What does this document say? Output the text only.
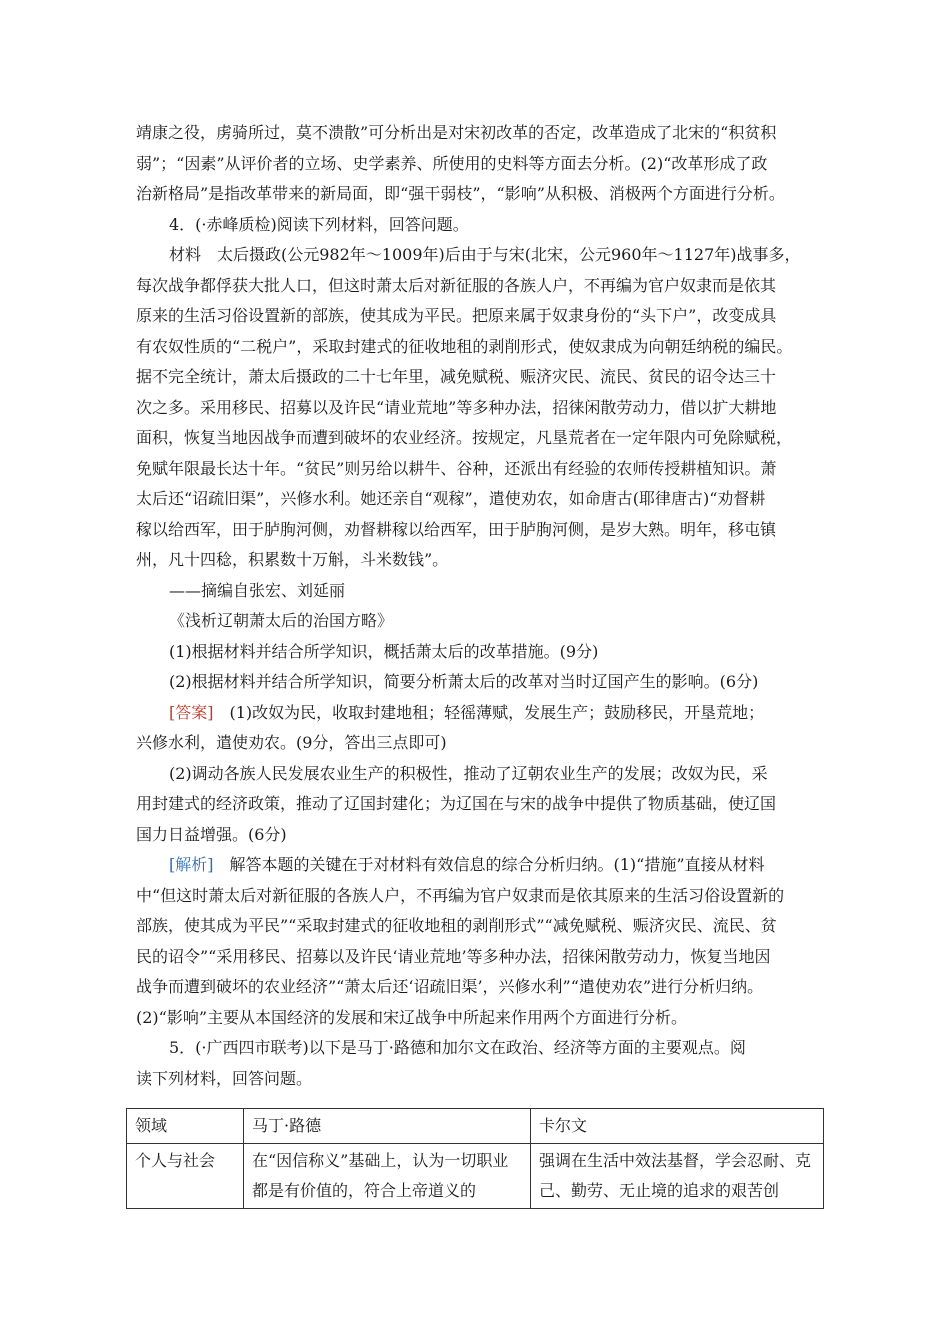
靖康之役，虏骑所过，莫不溃散”可分析出是对宋初改革的否定，改革造成了北宋的“积贫积
弱”；“因素”从评价者的立场、史学素养、所使用的史料等方面去分析。(2)“改革形成了政
治新格局”是指改革带来的新局面，即“强干弱枝”，“影响”从积极、消极两个方面进行分析。

4．(·赤峰质检)阅读下列材料，回答问题。

材料　太后摄政(公元982年～1009年)后由于与宋(北宋，公元960年～1127年)战事多，
每次战争都俘获大批人口，但这时萧太后对新征服的各族人户，不再编为官户奴隶而是依其
原来的生活习俗设置新的部族，使其成为平民。把原来属于奴隶身份的“头下户”，改变成具
有农奴性质的“二税户”，采取封建式的征收地租的剥削形式，使奴隶成为向朝廷纳税的编民。
据不完全统计，萧太后摄政的二十七年里，减免赋税、赈济灾民、流民、贫民的诏令达三十
次之多。采用移民、招募以及许民“请业荒地”等多种办法，招徕闲散劳动力，借以扩大耕地
面积，恢复当地因战争而遭到破坏的农业经济。按规定，凡垦荒者在一定年限内可免除赋税，
免赋年限最长达十年。“贫民”则另给以耕牛、谷种，还派出有经验的农师传授耕植知识。萧
太后还“诏疏旧渠”，兴修水利。她还亲自“观稼”，遣使劝农，如命唐古(耶律唐古)“劝督耕
稼以给西军，田于胪朐河侧，劝督耕稼以给西军，田于胪朐河侧，是岁大熟。明年，移屯镇
州，凡十四稔，积累数十万斛，斗米数钱”。

——摘编自张宏、刘延丽

《浅析辽朝萧太后的治国方略》

(1)根据材料并结合所学知识，概括萧太后的改革措施。(9分)

(2)根据材料并结合所学知识，简要分析萧太后的改革对当时辽国产生的影响。(6分)

[答案]　(1)改奴为民，收取封建地租；轻徭薄赋，发展生产；鼓励移民，开垦荒地；
兴修水利，遣使劝农。(9分，答出三点即可)

(2)调动各族人民发展农业生产的积极性，推动了辽朝农业生产的发展；改奴为民，采
用封建式的经济政策，推动了辽国封建化；为辽国在与宋的战争中提供了物质基础，使辽国
国力日益增强。(6分)

[解析]　解答本题的关键在于对材料有效信息的综合分析归纳。(1)“措施”直接从材料
中“但这时萧太后对新征服的各族人户，不再编为官户奴隶而是依其原来的生活习俗设置新的
部族，使其成为平民”“采取封建式的征收地租的剥削形式”“减免赋税、赈济灾民、流民、贫
民的诏令”“采用移民、招募以及许民‘请业荒地’等多种办法，招徕闲散劳动力，恢复当地因
战争而遭到破坏的农业经济”“萧太后还‘诏疏旧渠’，兴修水利”“遣使劝农”进行分析归纳。
(2)“影响”主要从本国经济的发展和宋辽战争中所起来作用两个方面进行分析。

5．(·广西四市联考)以下是马丁·路德和加尔文在政治、经济等方面的主要观点。阅
读下列材料，回答问题。

领域	马丁·路德	卡尔文
个人与社会	在“因信称义”基础上，认为一切职业都是有价值的，符合上帝道义的	强调在生活中效法基督，学会忍耐、克己、勤劳、无止境的追求的艰苦创
